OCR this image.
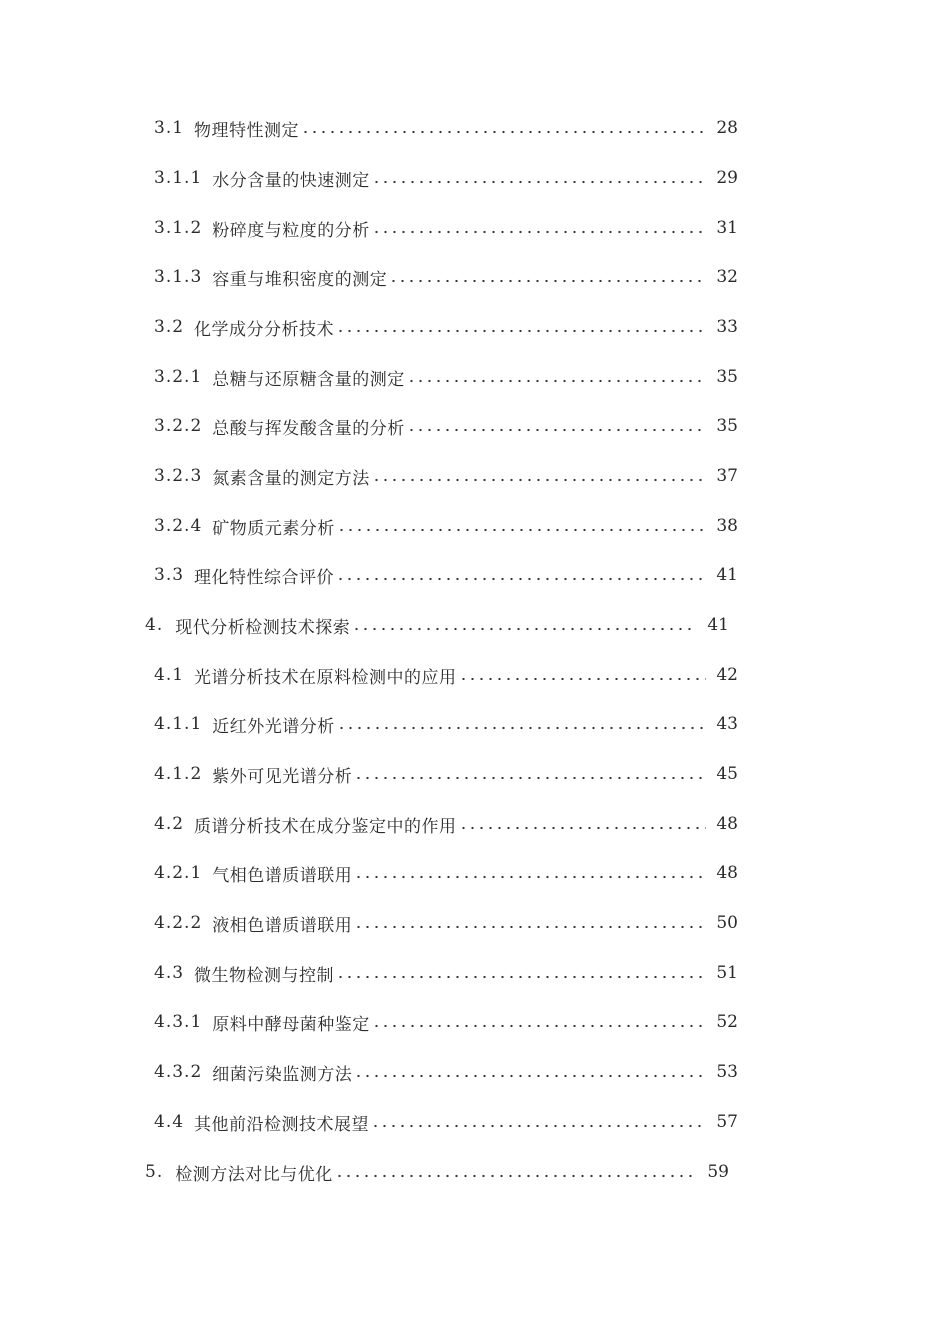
3.1 物理特性测定	28
3.1.1 水分含量的快速测定	29
3.1.2 粉碎度与粒度的分析	31
3.1.3 容重与堆积密度的测定	32
3.2 化学成分分析技术	33
3.2.1 总糖与还原糖含量的测定	35
3.2.2 总酸与挥发酸含量的分析	35
3.2.3 氮素含量的测定方法	37
3.2.4 矿物质元素分析	38
3.3 理化特性综合评价	41
4. 现代分析检测技术探索	41
4.1 光谱分析技术在原料检测中的应用	42
4.1.1 近红外光谱分析	43
4.1.2 紫外可见光谱分析	45
4.2 质谱分析技术在成分鉴定中的作用	48
4.2.1 气相色谱质谱联用	48
4.2.2 液相色谱质谱联用	50
4.3 微生物检测与控制	51
4.3.1 原料中酵母菌种鉴定	52
4.3.2 细菌污染监测方法	53
4.4 其他前沿检测技术展望	57
5. 检测方法对比与优化	59
